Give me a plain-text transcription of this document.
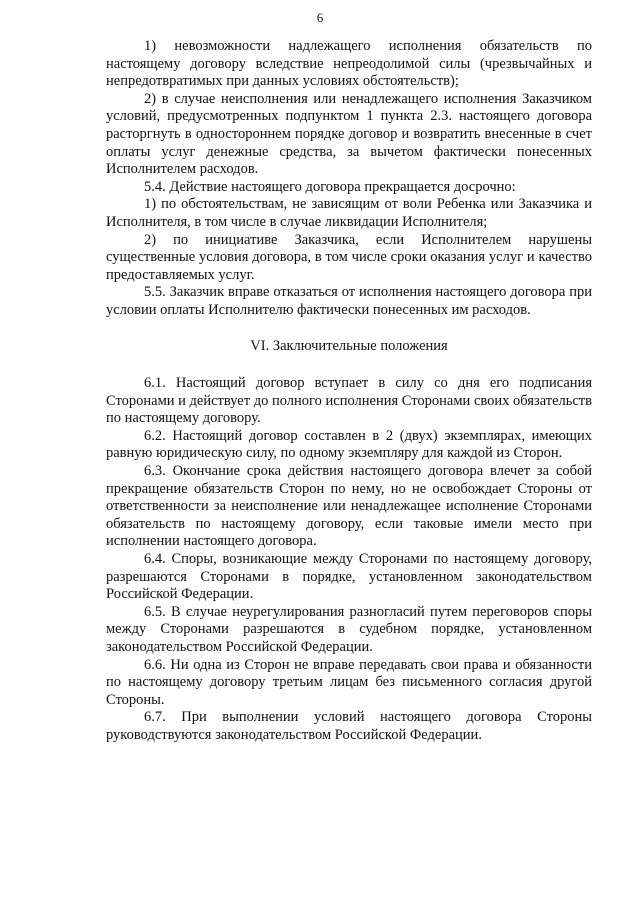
6

1) невозможности надлежащего исполнения обязательств по настоящему договору вследствие непреодолимой силы (чрезвычайных и непредотвратимых при данных условиях обстоятельств);

2) в случае неисполнения или ненадлежащего исполнения Заказчиком условий, предусмотренных подпунктом 1 пункта 2.3. настоящего договора расторгнуть в одностороннем порядке договор и возвратить внесенные в счет оплаты услуг денежные средства, за вычетом фактически понесенных Исполнителем расходов.

5.4. Действие настоящего договора прекращается досрочно:

1) по обстоятельствам, не зависящим от воли Ребенка или Заказчика и Исполнителя, в том числе в случае ликвидации Исполнителя;

2) по инициативе Заказчика, если Исполнителем нарушены существенные условия договора, в том числе сроки оказания услуг и качество предоставляемых услуг.

5.5. Заказчик вправе отказаться от исполнения настоящего договора при условии оплаты Исполнителю фактически понесенных им расходов.

VI. Заключительные положения

6.1. Настоящий договор вступает в силу со дня его подписания Сторонами и действует до полного исполнения Сторонами своих обязательств по настоящему договору.

6.2. Настоящий договор составлен в 2 (двух) экземплярах, имеющих равную юридическую силу, по одному экземпляру для каждой из Сторон.

6.3. Окончание срока действия настоящего договора влечет за собой прекращение обязательств Сторон по нему, но не освобождает Стороны от ответственности за неисполнение или ненадлежащее исполнение Сторонами обязательств по настоящему договору, если таковые имели место при исполнении настоящего договора.

6.4. Споры, возникающие между Сторонами по настоящему договору, разрешаются Сторонами в порядке, установленном законодательством Российской Федерации.

6.5. В случае неурегулирования разногласий путем переговоров споры между Сторонами разрешаются в судебном порядке, установленном законодательством Российской Федерации.

6.6. Ни одна из Сторон не вправе передавать свои права и обязанности по настоящему договору третьим лицам без письменного согласия другой Стороны.

6.7. При выполнении условий настоящего договора Стороны руководствуются законодательством Российской Федерации.
